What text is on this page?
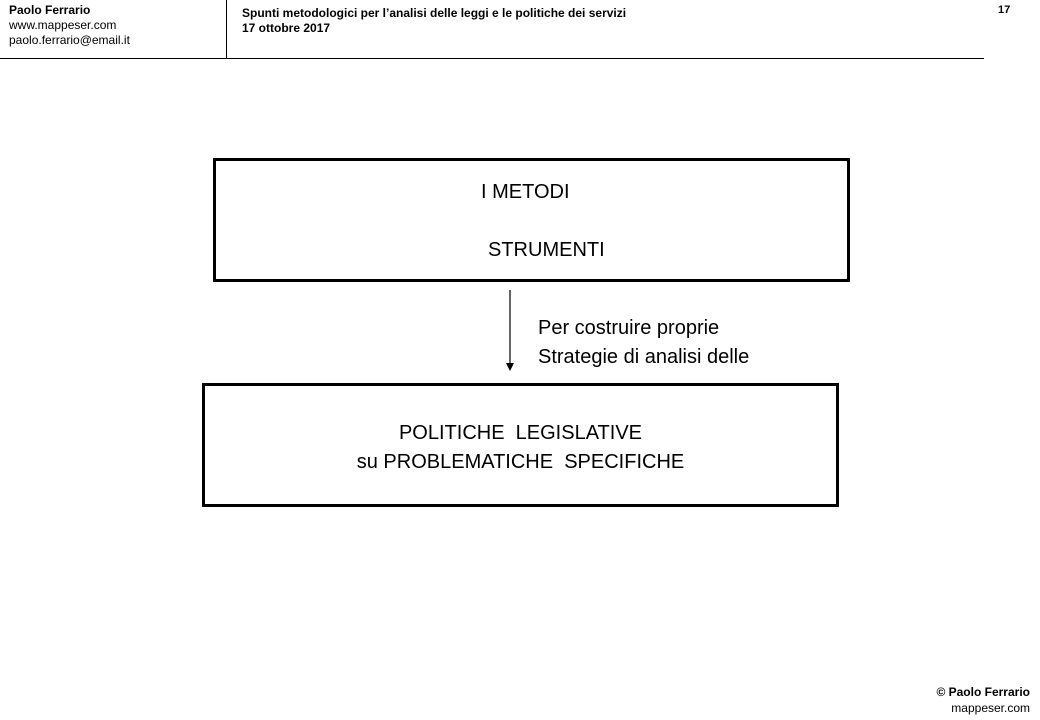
Paolo Ferrario
www.mappeser.com
paolo.ferrario@email.it
Spunti metodologici per l’analisi delle leggi e le politiche dei servizi
17 ottobre 2017
17
I METODI
STRUMENTI
Per costruire proprie
Strategie di analisi delle
POLITICHE  LEGISLATIVE
su PROBLEMATICHE  SPECIFICHE
© Paolo Ferrario
mappeser.com
